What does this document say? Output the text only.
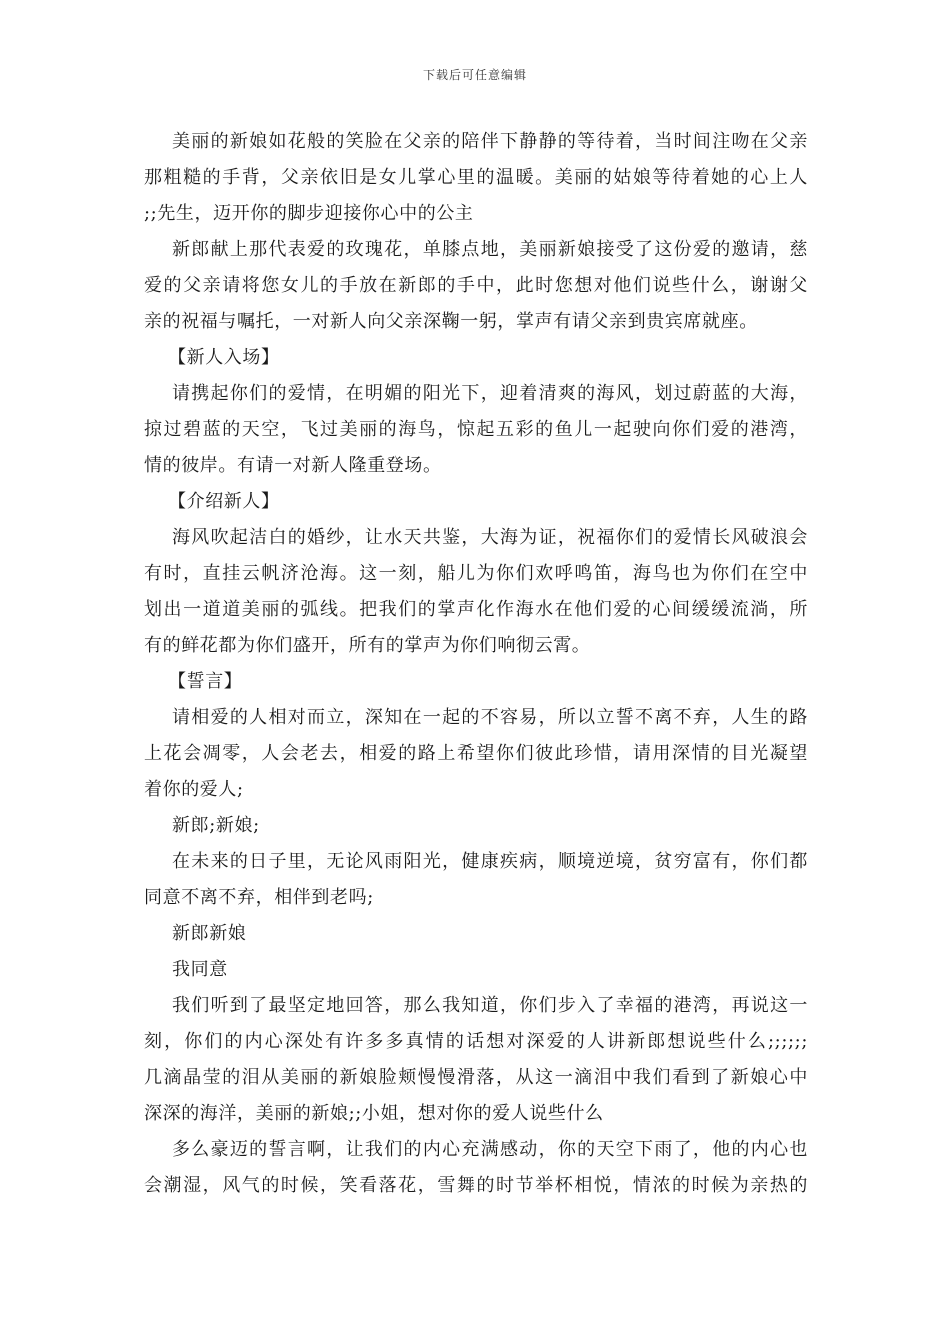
下载后可任意编辑
美丽的新娘如花般的笑脸在父亲的陪伴下静静的等待着，当时间注吻在父亲
那粗糙的手背，父亲依旧是女儿掌心里的温暖。美丽的姑娘等待着她的心上人
;;先生，迈开你的脚步迎接你心中的公主
新郎献上那代表爱的玫瑰花，单膝点地，美丽新娘接受了这份爱的邀请，慈
爱的父亲请将您女儿的手放在新郎的手中，此时您想对他们说些什么，谢谢父
亲的祝福与嘱托，一对新人向父亲深鞠一躬，掌声有请父亲到贵宾席就座。
【新人入场】
请携起你们的爱情，在明媚的阳光下，迎着清爽的海风，划过蔚蓝的大海，
掠过碧蓝的天空，飞过美丽的海鸟，惊起五彩的鱼儿一起驶向你们爱的港湾，
情的彼岸。有请一对新人隆重登场。
【介绍新人】
海风吹起洁白的婚纱，让水天共鉴，大海为证，祝福你们的爱情长风破浪会
有时，直挂云帆济沧海。这一刻，船儿为你们欢呼鸣笛，海鸟也为你们在空中
划出一道道美丽的弧线。把我们的掌声化作海水在他们爱的心间缓缓流淌，所
有的鲜花都为你们盛开，所有的掌声为你们响彻云霄。
【誓言】
请相爱的人相对而立，深知在一起的不容易，所以立誓不离不弃，人生的路
上花会凋零，人会老去，相爱的路上希望你们彼此珍惜，请用深情的目光凝望
着你的爱人;
新郎;新娘;
在未来的日子里，无论风雨阳光，健康疾病，顺境逆境，贫穷富有，你们都
同意不离不弃，相伴到老吗;
新郎新娘
我同意
我们听到了最坚定地回答，那么我知道，你们步入了幸福的港湾，再说这一
刻，你们的内心深处有许多多真情的话想对深爱的人讲新郎想说些什么;;;;;;
几滴晶莹的泪从美丽的新娘脸颊慢慢滑落，从这一滴泪中我们看到了新娘心中
深深的海洋，美丽的新娘;;小姐，想对你的爱人说些什么
多么豪迈的誓言啊，让我们的内心充满感动，你的天空下雨了，他的内心也
会潮湿，风气的时候，笑看落花，雪舞的时节举杯相悦，情浓的时候为亲热的
